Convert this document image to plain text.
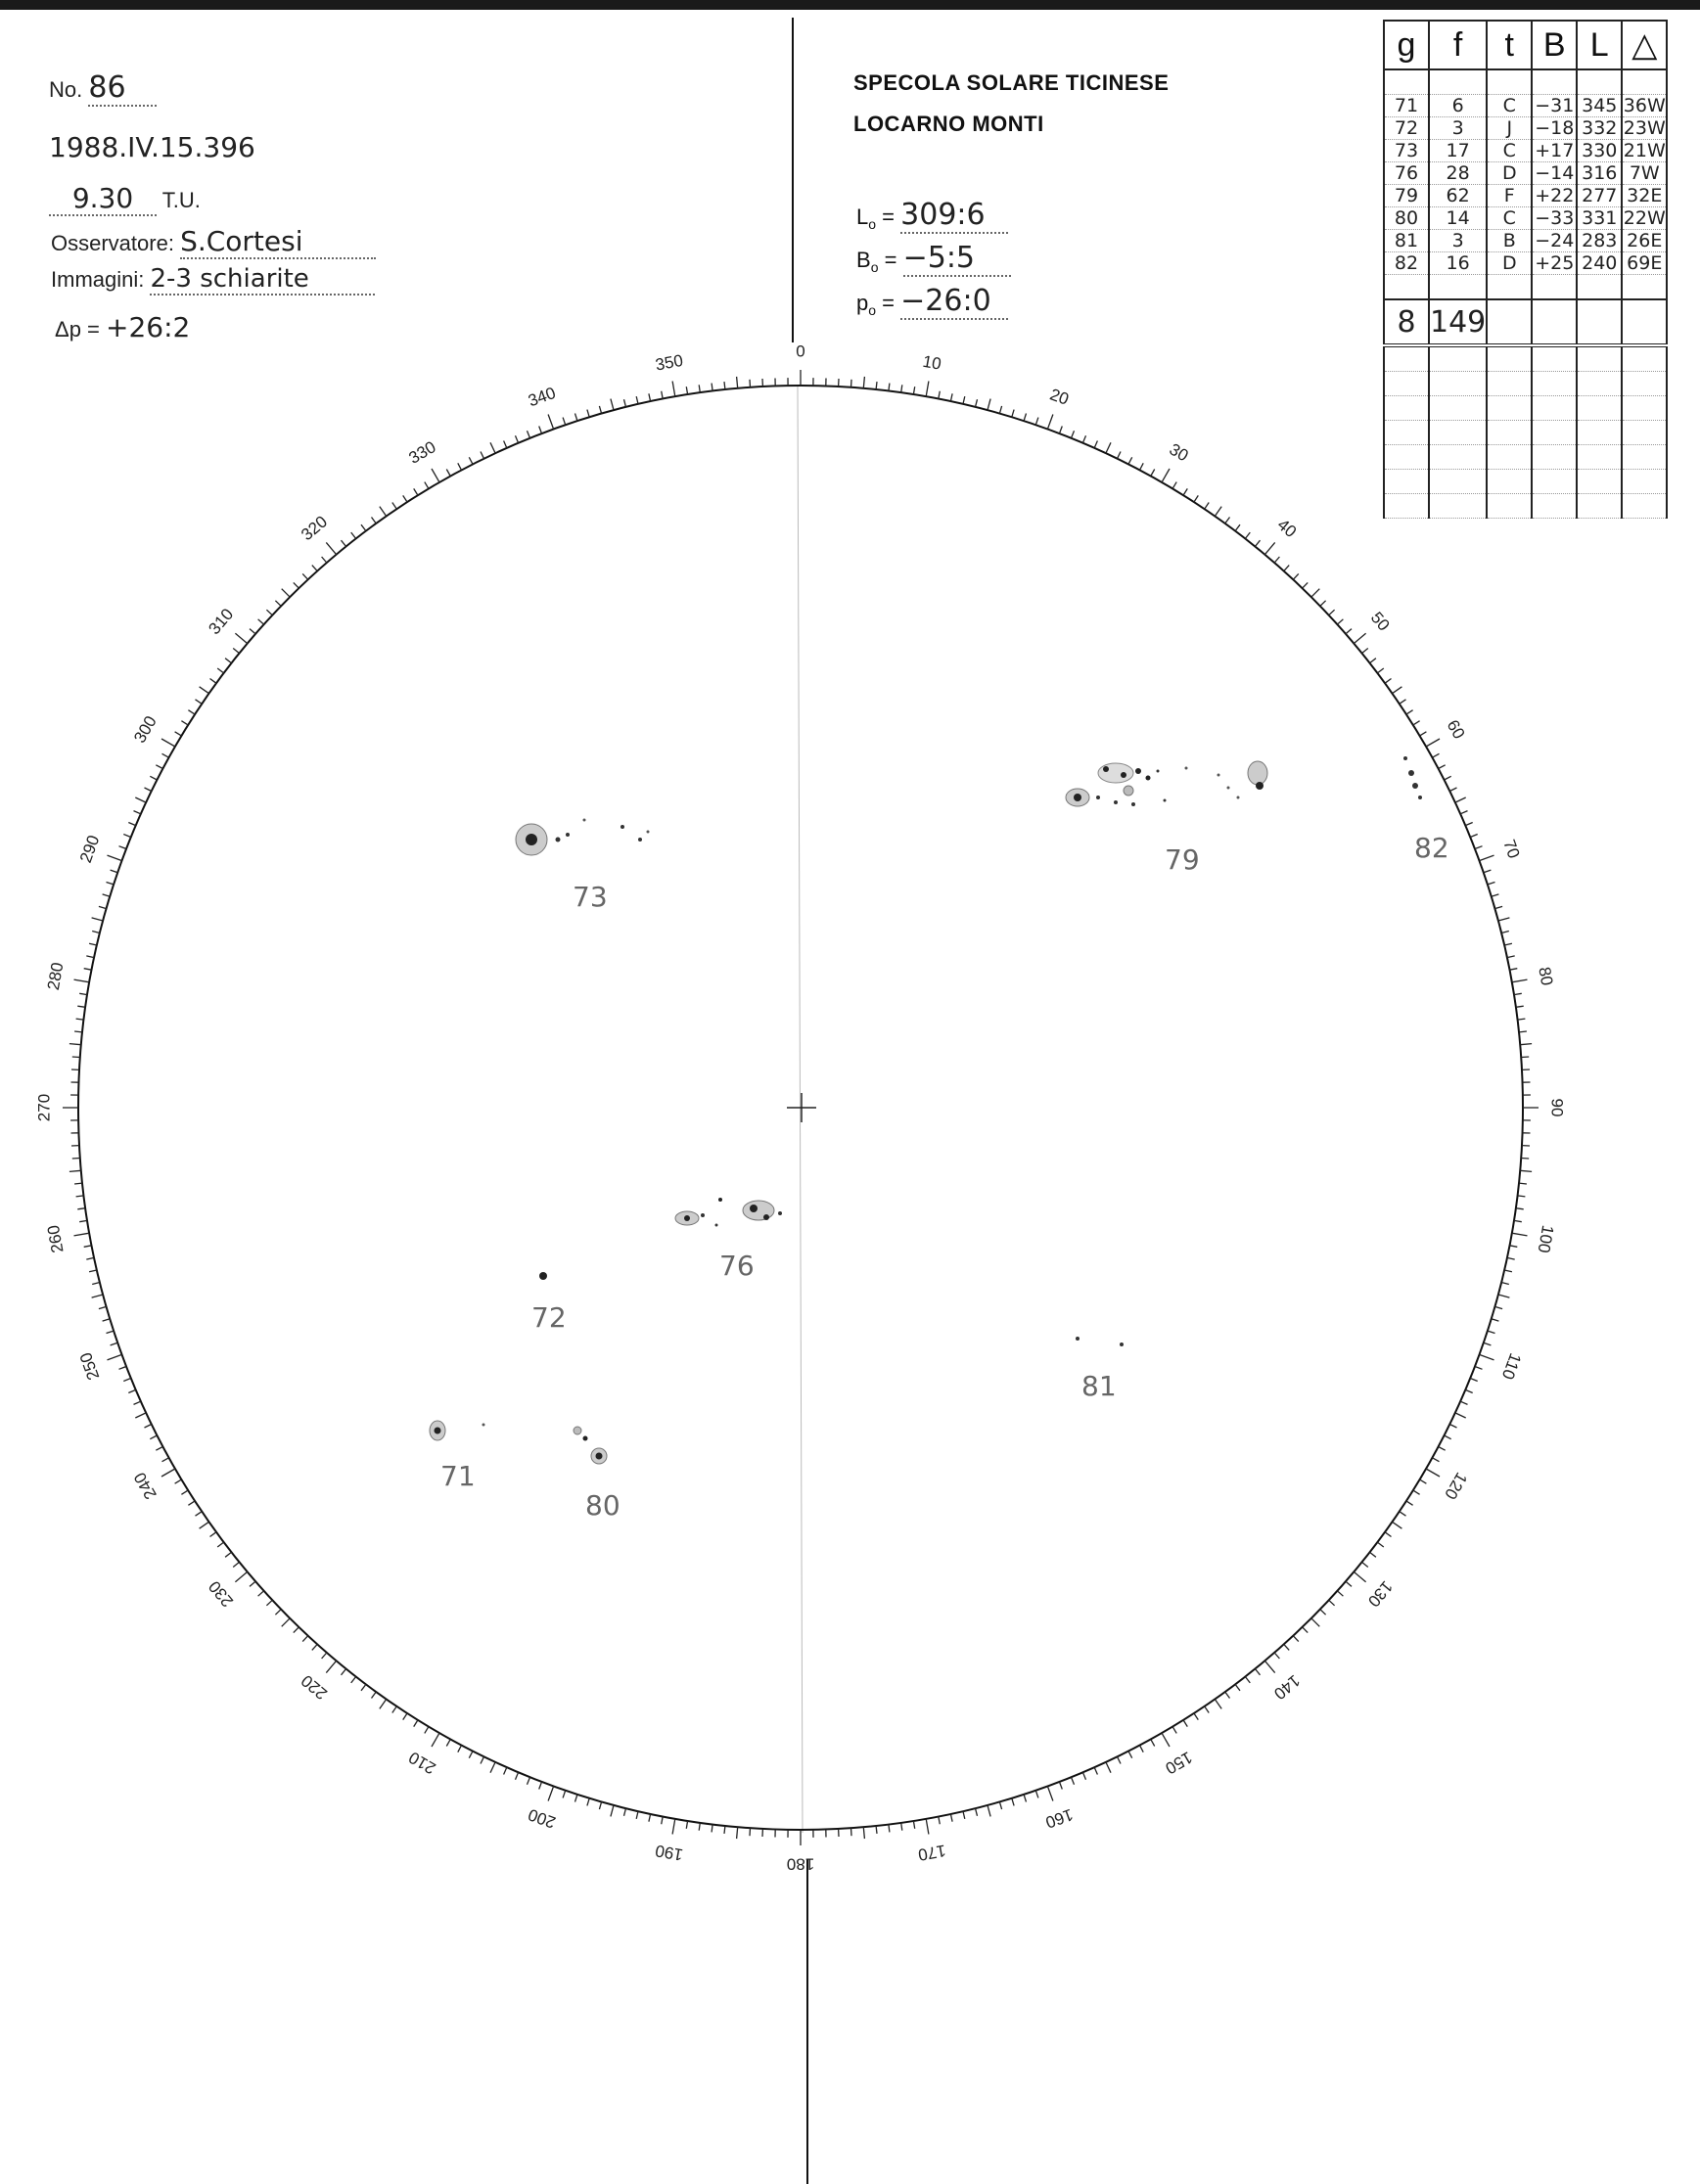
No. 86
1988.IV.15.396
9.30 T.U.
Osservatore: S.Cortesi
Immagini: 2-3 schiarite
Δp = +26:2
SPECOLA SOLARE TICINESE
LOCARNO MONTI
$L_o$ = 309:6
$B_o$ = −5:5
$p_o$ = −26:0
0
10
20
30
40
50
60
70
80
90
100
110
120
130
140
150
160
170
180
190
200
210
220
230
240
250
260
270
280
290
300
310
320
330
340
350
73
79	82
76
72
81
71
80
g	f	t	B	L	△

71	6	C	−31	345	36W
72	3	J	−18	332	23W
73	17	C	+17	330	21W
76	28	D	−14	316	7W
79	62	F	+22	277	32E
80	14	C	−33	331	22W
81	3	B	−24	283	26E
82	16	D	+25	240	69E

8	149				
